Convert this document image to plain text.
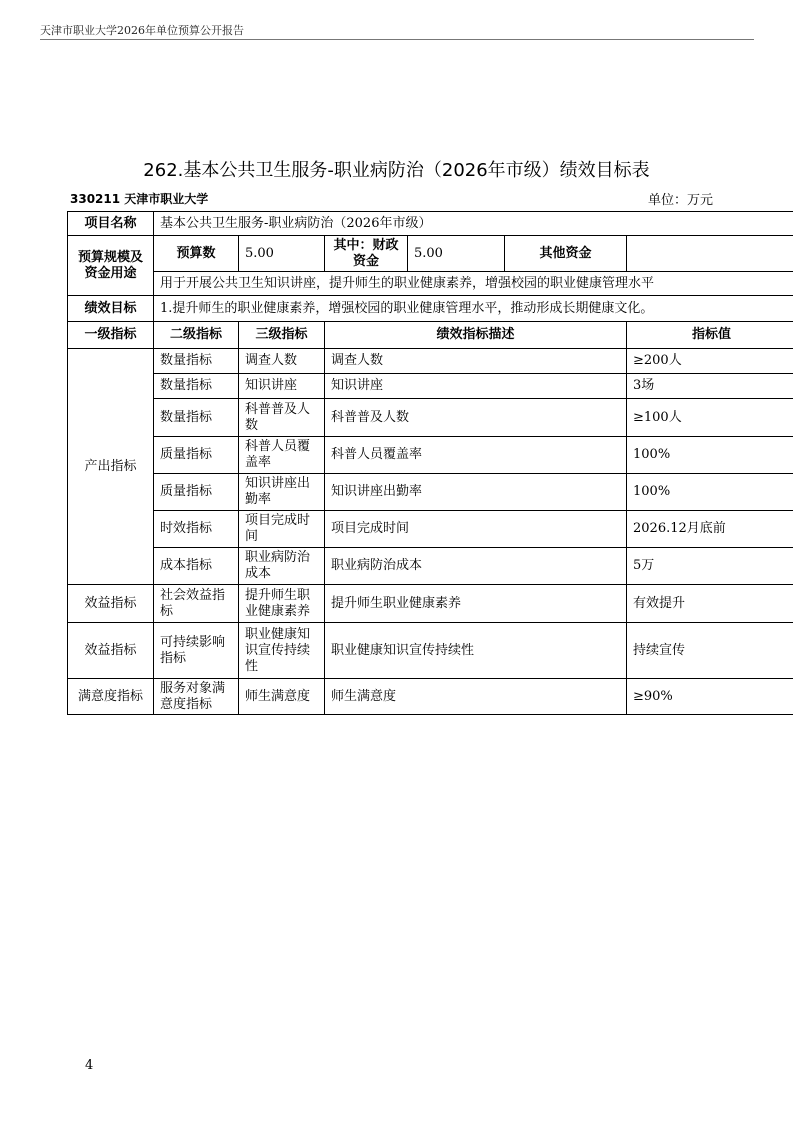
天津市职业大学2026年单位预算公开报告
262.基本公共卫生服务-职业病防治（2026年市级）绩效目标表
330211 天津市职业大学	单位：万元
项目名称	基本公共卫生服务-职业病防治（2026年市级）					
预算规模及资金用途	预算数	5.00	其中：财政资金	5.00	其他资金	
	用于开展公共卫生知识讲座，提升师生的职业健康素养，增强校园的职业健康管理水平					
绩效目标	1.提升师生的职业健康素养，增强校园的职业健康管理水平，推动形成长期健康文化。					
一级指标	二级指标	三级指标	绩效指标描述			指标值
产出指标	数量指标	调查人数	调查人数			≥200人
	数量指标	知识讲座	知识讲座			3场
	数量指标	科普普及人数	科普普及人数			≥100人
	质量指标	科普人员覆盖率	科普人员覆盖率			100%
	质量指标	知识讲座出勤率	知识讲座出勤率			100%
	时效指标	项目完成时间	项目完成时间			2026.12月底前
	成本指标	职业病防治成本	职业病防治成本			5万
效益指标	社会效益指标	提升师生职业健康素养	提升师生职业健康素养			有效提升
效益指标	可持续影响指标	职业健康知识宣传持续性	职业健康知识宣传持续性			持续宣传
满意度指标	服务对象满意度指标	师生满意度	师生满意度			≥90%
4
